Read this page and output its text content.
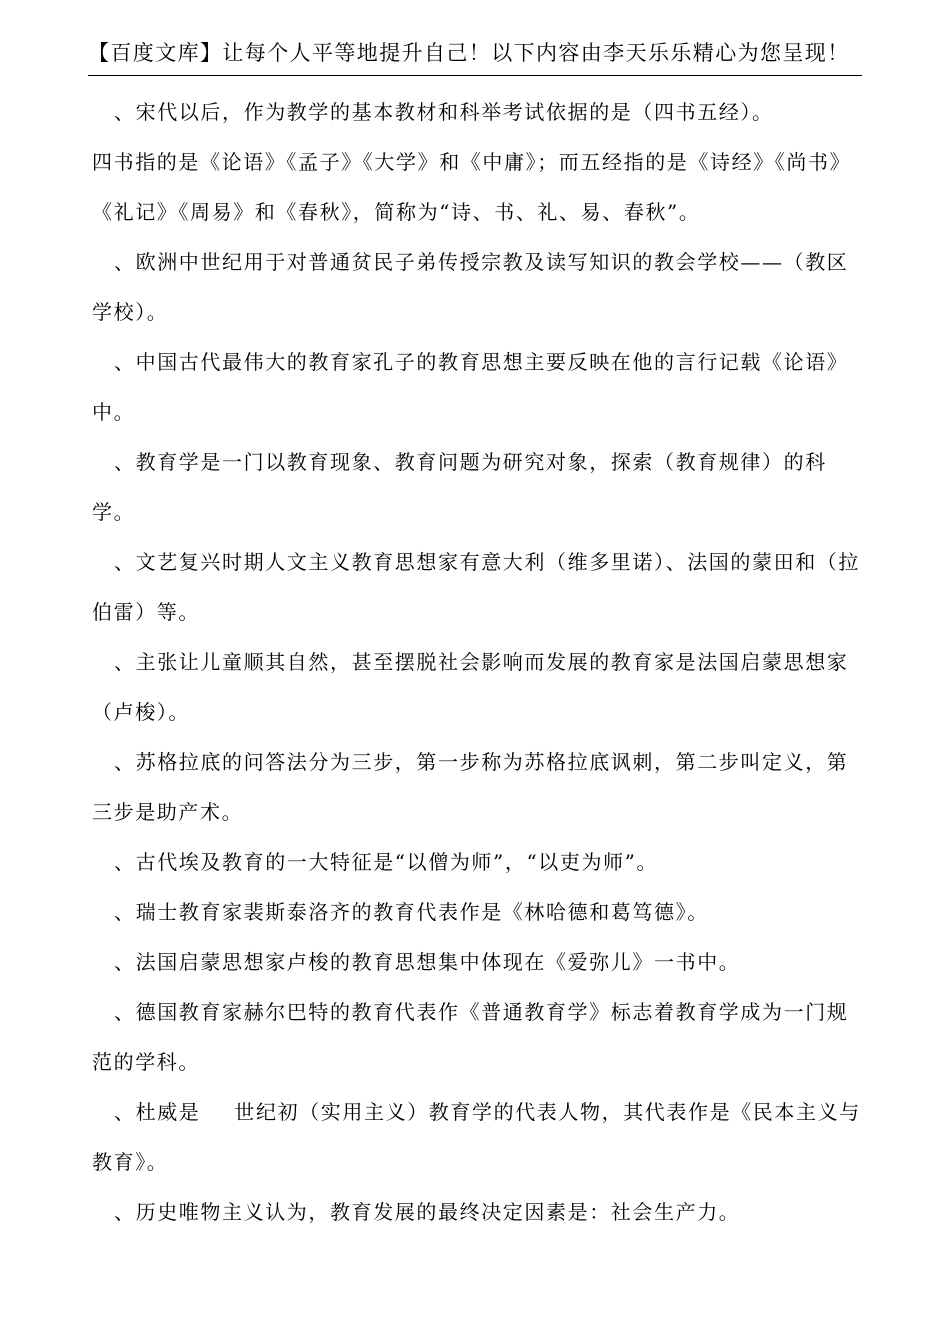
【百度文库】让每个人平等地提升自己！以下内容由李天乐乐精心为您呈现！

、宋代以后，作为教学的基本教材和科举考试依据的是（四书五经）。

四书指的是《论语》《孟子》《大学》和《中庸》；而五经指的是《诗经》《尚书》《礼记》《周易》和《春秋》，简称为“诗、书、礼、易、春秋”。

、欧洲中世纪用于对普通贫民子弟传授宗教及读写知识的教会学校——（教区学校）。

、中国古代最伟大的教育家孔子的教育思想主要反映在他的言行记载《论语》中。

、教育学是一门以教育现象、教育问题为研究对象，探索（教育规律）的科学。

、文艺复兴时期人文主义教育思想家有意大利（维多里诺）、法国的蒙田和（拉伯雷）等。

、主张让儿童顺其自然，甚至摆脱社会影响而发展的教育家是法国启蒙思想家（卢梭）。

、苏格拉底的问答法分为三步，第一步称为苏格拉底讽刺，第二步叫定义，第三步是助产术。

、古代埃及教育的一大特征是“以僧为师”，“以吏为师”。

、瑞士教育家裴斯泰洛齐的教育代表作是《林哈德和葛笃德》。

、法国启蒙思想家卢梭的教育思想集中体现在《爱弥儿》一书中。

、德国教育家赫尔巴特的教育代表作《普通教育学》标志着教育学成为一门规范的学科。

、杜威是 世纪初（实用主义）教育学的代表人物，其代表作是《民本主义与教育》。

、历史唯物主义认为，教育发展的最终决定因素是：社会生产力。
